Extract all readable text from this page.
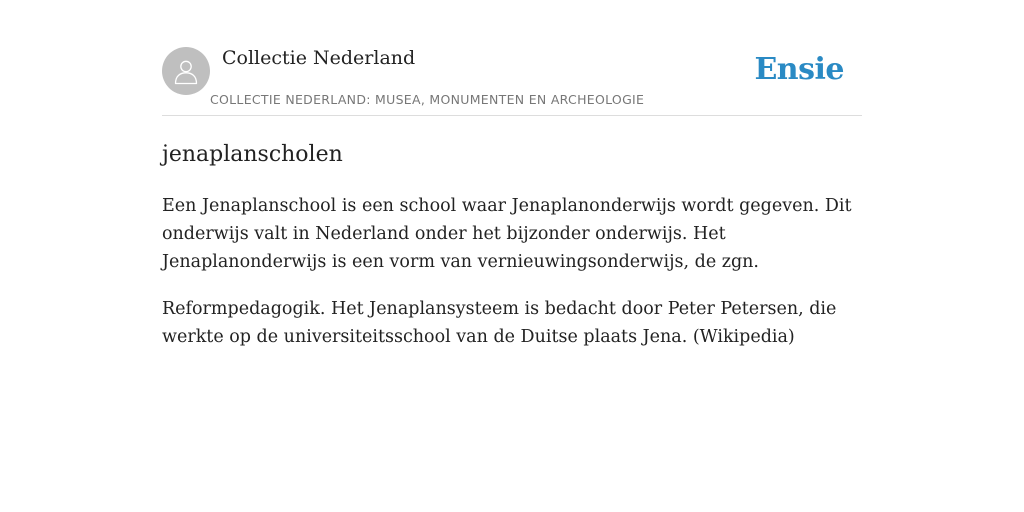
Collectie Nederland
COLLECTIE NEDERLAND: MUSEA, MONUMENTEN EN ARCHEOLOGIE
Ensie
jenaplanscholen

Een Jenaplanschool is een school waar Jenaplanonderwijs wordt gegeven. Dit onderwijs valt in Nederland onder het bijzonder onderwijs. Het Jenaplanonderwijs is een vorm van vernieuwingsonderwijs, de zgn.

Reformpedagogik. Het Jenaplansysteem is bedacht door Peter Petersen, die werkte op de universiteitsschool van de Duitse plaats Jena. (Wikipedia)
